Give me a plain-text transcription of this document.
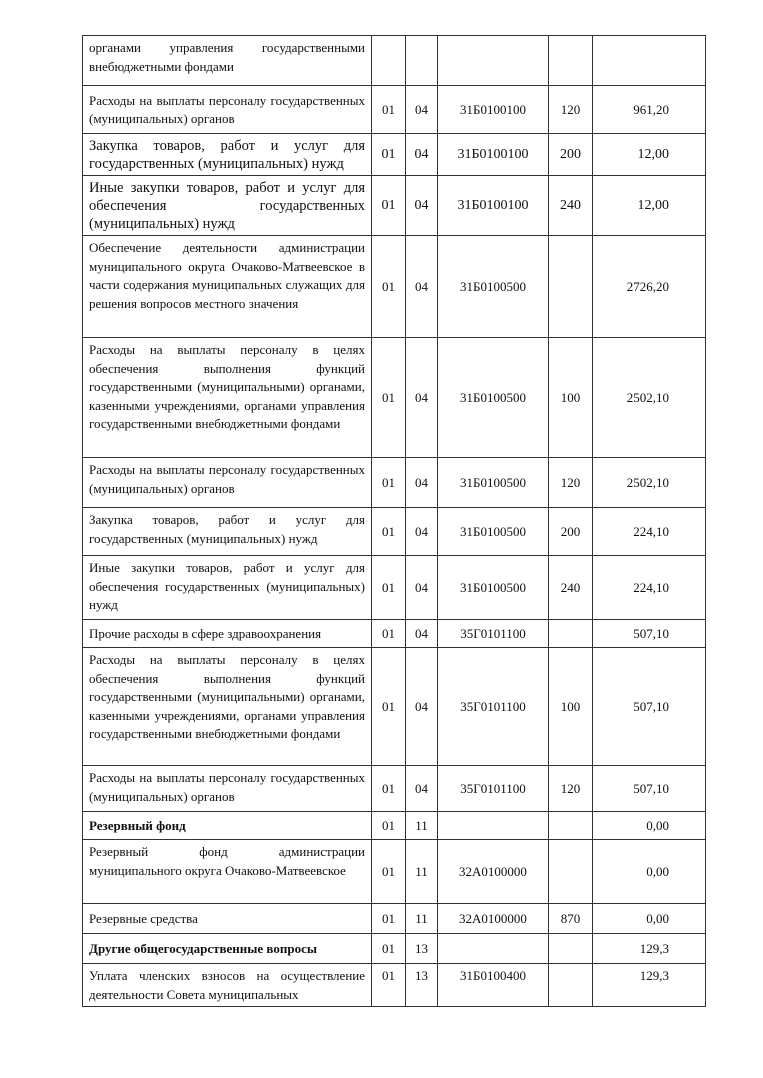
органами управления государственными внебюджетными фондами					
Расходы на выплаты персоналу государственных (муниципальных) органов	01	04	31Б0100100	120	961,20
Закупка товаров, работ и услуг для государственных (муниципальных) нужд	01	04	31Б0100100	200	12,00
Иные закупки товаров, работ и услуг для обеспечения государственных (муниципальных) нужд	01	04	31Б0100100	240	12,00
Обеспечение деятельности администрации муниципального округа Очаково-Матвеевское в части содержания муниципальных служащих для решения вопросов местного значения	01	04	31Б0100500		2726,20
Расходы на выплаты персоналу в целях обеспечения выполнения функций государственными (муниципальными) органами, казенными учреждениями, органами управления государственными внебюджетными фондами	01	04	31Б0100500	100	2502,10
Расходы на выплаты персоналу государственных (муниципальных) органов	01	04	31Б0100500	120	2502,10
Закупка товаров, работ и услуг для государственных (муниципальных) нужд	01	04	31Б0100500	200	224,10
Иные закупки товаров, работ и услуг для обеспечения государственных (муниципальных) нужд	01	04	31Б0100500	240	224,10
Прочие расходы в сфере здравоохранения	01	04	35Г0101100		507,10
Расходы на выплаты персоналу в целях обеспечения выполнения функций государственными (муниципальными) органами, казенными учреждениями, органами управления государственными внебюджетными фондами	01	04	35Г0101100	100	507,10
Расходы на выплаты персоналу государственных (муниципальных) органов	01	04	35Г0101100	120	507,10
Резервный фонд	01	11			0,00
Резервный фонд администрации муниципального округа Очаково-Матвеевское	01	11	32А0100000		0,00
Резервные средства	01	11	32А0100000	870	0,00
Другие общегосударственные вопросы	01	13			129,3
Уплата членских взносов на осуществление деятельности Совета муниципальных	01	13	31Б0100400		129,3
